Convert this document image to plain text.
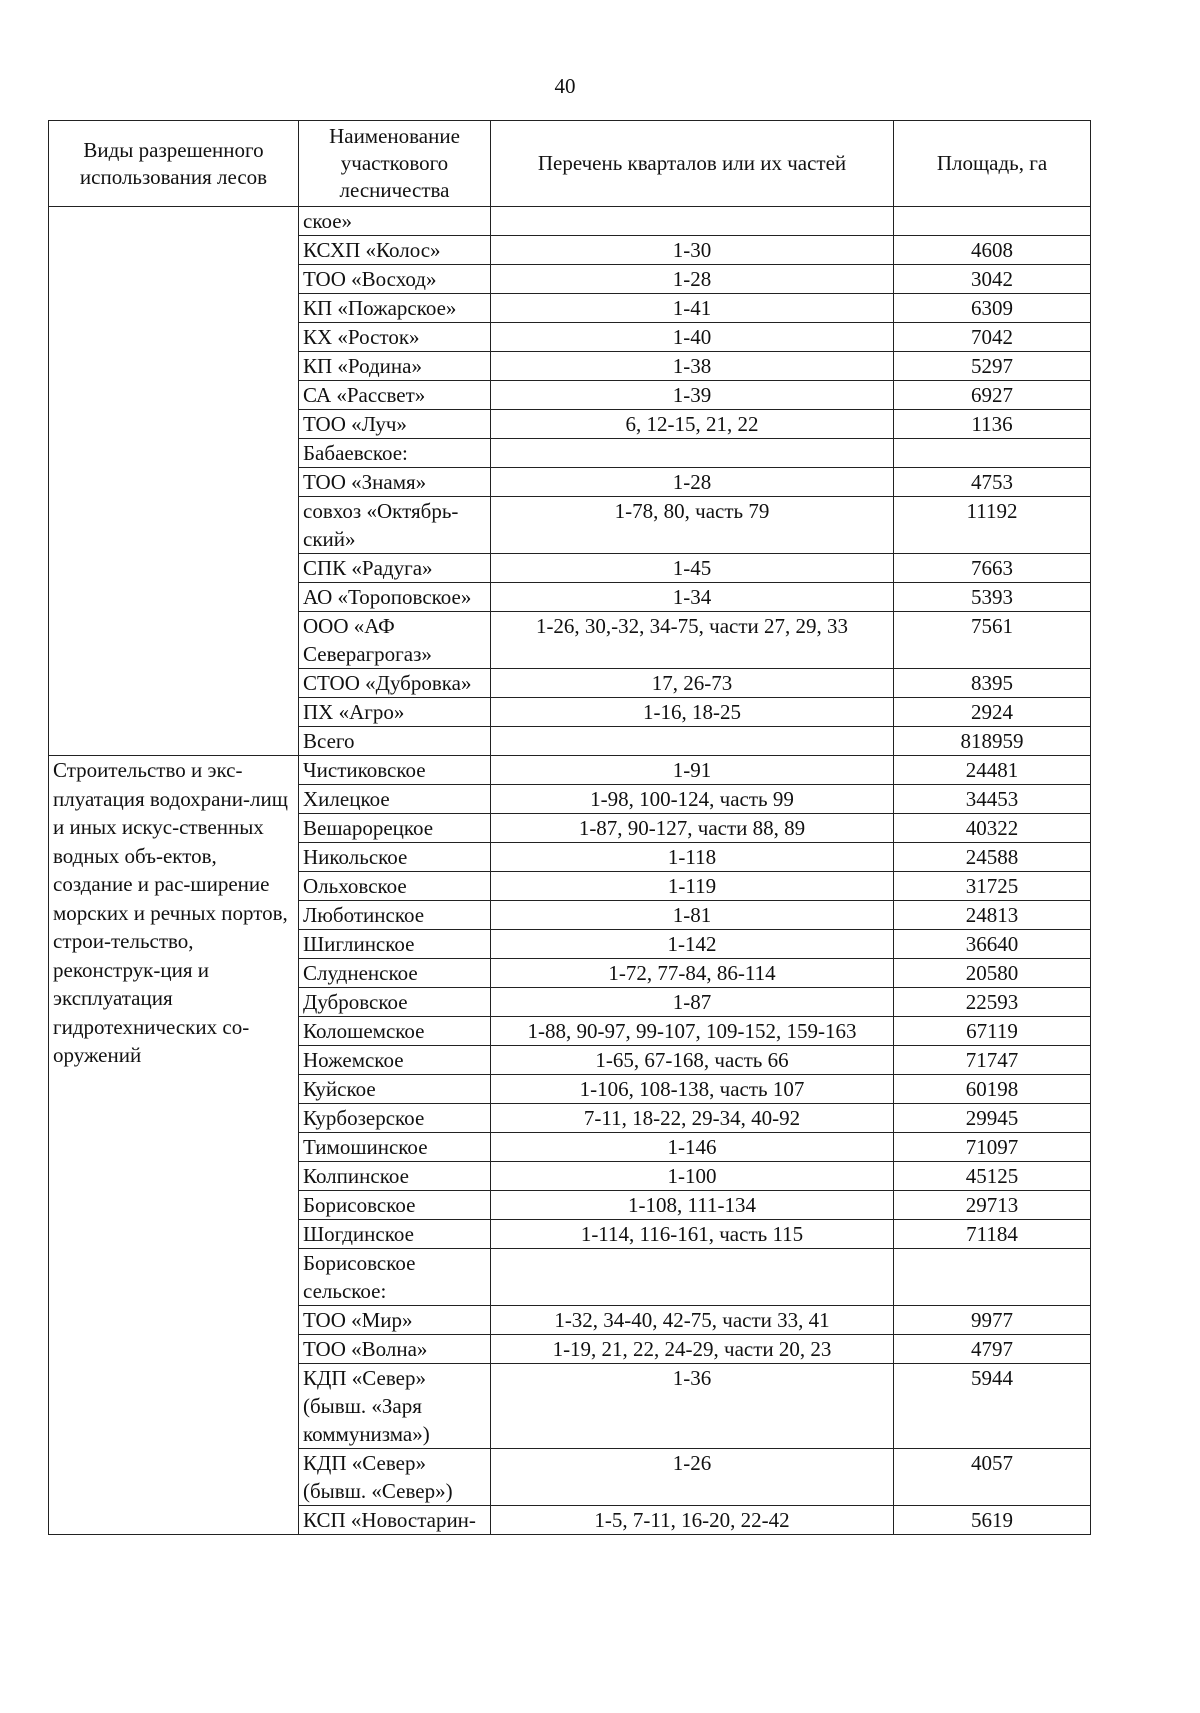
40
Виды разрешенного использования лесов	Наименование участкового лесничества	Перечень кварталов или их частей	Площадь, га
	ское»		
	КСХП «Колос»	1-30	4608
	ТОО «Восход»	1-28	3042
	КП «Пожарское»	1-41	6309
	КХ «Росток»	1-40	7042
	КП «Родина»	1-38	5297
	СА «Рассвет»	1-39	6927
	ТОО «Луч»	6, 12-15, 21, 22	1136
	Бабаевское:		
	ТОО «Знамя»	1-28	4753
	совхоз «Октябрь-ский»	1-78, 80, часть 79	11192
	СПК «Радуга»	1-45	7663
	АО «Тороповское»	1-34	5393
	ООО «АФ Северагрогаз»	1-26, 30,-32, 34-75, части 27, 29, 33	7561
	СТОО «Дубровка»	17, 26-73	8395
	ПХ «Агро»	1-16, 18-25	2924
	Всего		818959
Строительство и экс-плуатация водохрани-лищ и иных искус-ственных водных объ-ектов, создание и рас-ширение морских и речных портов, строи-тельство, реконструк-ция и эксплуатация гидротехнических со-оружений	Чистиковское	1-91	24481
	Хилецкое	1-98, 100-124, часть 99	34453
	Вешарорецкое	1-87, 90-127, части 88, 89	40322
	Никольское	1-118	24588
	Ольховское	1-119	31725
	Люботинское	1-81	24813
	Шиглинское	1-142	36640
	Слудненское	1-72, 77-84, 86-114	20580
	Дубровское	1-87	22593
	Колошемское	1-88, 90-97, 99-107, 109-152, 159-163	67119
	Ножемское	1-65, 67-168, часть 66	71747
	Куйское	1-106, 108-138, часть 107	60198
	Курбозерское	7-11, 18-22, 29-34, 40-92	29945
	Тимошинское	1-146	71097
	Колпинское	1-100	45125
	Борисовское	1-108, 111-134	29713
	Шогдинское	1-114, 116-161, часть 115	71184
	Борисовское сельское:		
	ТОО «Мир»	1-32, 34-40, 42-75, части 33, 41	9977
	ТОО «Волна»	1-19, 21, 22, 24-29, части 20, 23	4797
	КДП «Север» (бывш. «Заря коммунизма»)	1-36	5944
	КДП «Север» (бывш. «Север»)	1-26	4057
	КСП «Новостарин-	1-5, 7-11, 16-20, 22-42	5619
